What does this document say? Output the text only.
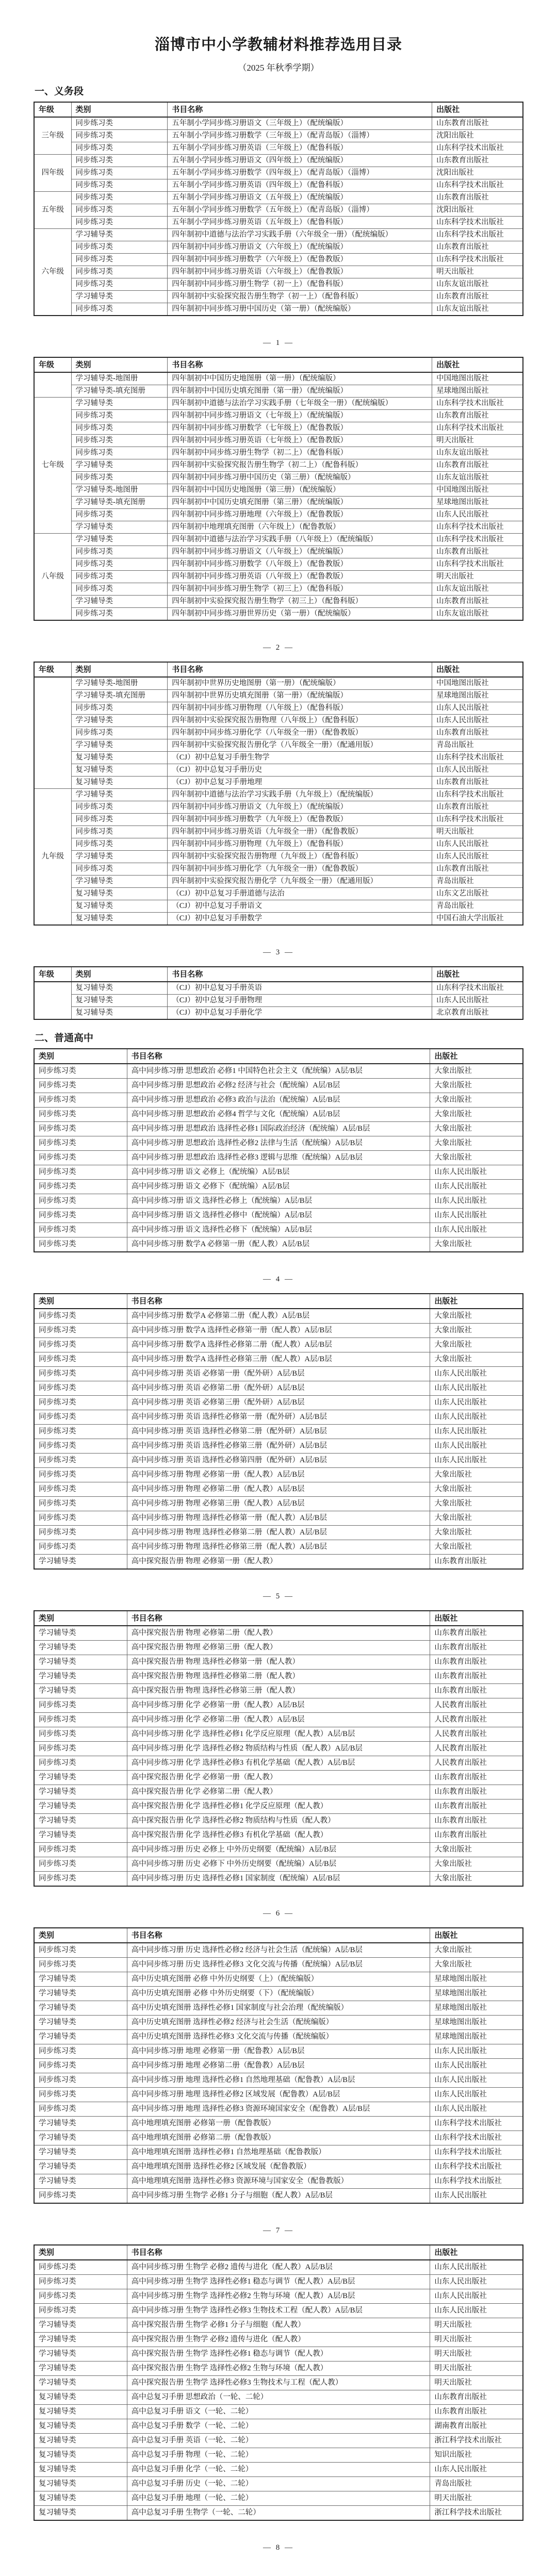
淄博市中小学教辅材料推荐选用目录
（2025 年秋季学期）
一、义务段
年级	类别	书目名称	出版社
三年级	同步练习类	五年制小学同步练习册语文（三年级上）（配统编版）	山东教育出版社
	同步练习类	五年制小学同步练习册数学（三年级上）（配青岛版）（淄博）	沈阳出版社
	同步练习类	五年制小学同步练习册英语（三年级上）（配鲁科版）	山东科学技术出版社
四年级	同步练习类	五年制小学同步练习册语文（四年级上）（配统编版）	山东教育出版社
	同步练习类	五年制小学同步练习册数学（四年级上）（配青岛版）（淄博）	沈阳出版社
	同步练习类	五年制小学同步练习册英语（四年级上）（配鲁科版）	山东科学技术出版社
五年级	同步练习类	五年制小学同步练习册语文（五年级上）（配统编版）	山东教育出版社
	同步练习类	五年制小学同步练习册数学（五年级上）（配青岛版）（淄博）	沈阳出版社
	同步练习类	五年制小学同步练习册英语（五年级上）（配鲁科版）	山东科学技术出版社
六年级	学习辅导类	四年制初中道德与法治学习实践手册（六年级全一册）（配统编版）	山东科学技术出版社
	同步练习类	四年制初中同步练习册语文（六年级上）（配统编版）	山东教育出版社
	同步练习类	四年制初中同步练习册数学（六年级上）（配鲁教版）	山东科学技术出版社
	同步练习类	四年制初中同步练习册英语（六年级上）（配鲁教版）	明天出版社
	同步练习类	四年制初中同步练习册生物学（初一上）（配鲁科版）	山东友谊出版社
	学习辅导类	四年制初中实验探究报告册生物学（初一上）（配鲁科版）	山东教育出版社
	同步练习类	四年制初中同步练习册中国历史（第一册）（配统编版）	山东友谊出版社
— 1 —
年级	类别	书目名称	出版社
	学习辅导类-地图册	四年制初中中国历史地图册（第一册）（配统编版）	中国地图出版社
	学习辅导类-填充图册	四年制初中中国历史填充图册（第一册）（配统编版）	星球地图出版社
七年级	学习辅导类	四年制初中道德与法治学习实践手册（七年级全一册）（配统编版）	山东科学技术出版社
	同步练习类	四年制初中同步练习册语文（七年级上）（配统编版）	山东教育出版社
	同步练习类	四年制初中同步练习册数学（七年级上）（配鲁教版）	山东科学技术出版社
	同步练习类	四年制初中同步练习册英语（七年级上）（配鲁教版）	明天出版社
	同步练习类	四年制初中同步练习册生物学（初二上）（配鲁科版）	山东友谊出版社
	学习辅导类	四年制初中实验探究报告册生物学（初二上）（配鲁科版）	山东教育出版社
	同步练习类	四年制初中同步练习册中国历史（第三册）（配统编版）	山东友谊出版社
	学习辅导类-地图册	四年制初中中国历史地图册（第三册）（配统编版）	中国地图出版社
	学习辅导类-填充图册	四年制初中中国历史填充图册（第三册）（配统编版）	星球地图出版社
	同步练习类	四年制初中同步练习册地理（六年级上）（配鲁教版）	山东人民出版社
	学习辅导类	四年制初中地理填充图册（六年级上）（配鲁教版）	山东科学技术出版社
八年级	学习辅导类	四年制初中道德与法治学习实践手册（八年级上）（配统编版）	山东科学技术出版社
	同步练习类	四年制初中同步练习册语文（八年级上）（配统编版）	山东教育出版社
	同步练习类	四年制初中同步练习册数学（八年级上）（配鲁教版）	山东科学技术出版社
	同步练习类	四年制初中同步练习册英语（八年级上）（配鲁教版）	明天出版社
	同步练习类	四年制初中同步练习册生物学（初三上）（配鲁科版）	山东友谊出版社
	学习辅导类	四年制初中实验探究报告册生物学（初三上）（配鲁科版）	山东教育出版社
	同步练习类	四年制初中同步练习册世界历史（第一册）（配统编版）	山东友谊出版社
— 2 —
年级	类别	书目名称	出版社
	学习辅导类-地图册	四年制初中世界历史地图册（第一册）（配统编版）	中国地图出版社
	学习辅导类-填充图册	四年制初中世界历史填充图册（第一册）（配统编版）	星球地图出版社
	同步练习类	四年制初中同步练习册物理（八年级上）（配鲁科版）	山东人民出版社
	学习辅导类	四年制初中实验探究报告册物理（八年级上）（配鲁科版）	山东人民出版社
	同步练习类	四年制初中同步练习册化学（八年级全一册）（配鲁教版）	山东教育出版社
	学习辅导类	四年制初中实验探究报告册化学（八年级全一册）（配通用版）	青岛出版社
	复习辅导类	（CJ）初中总复习手册生物学	山东科学技术出版社
	复习辅导类	（CJ）初中总复习手册历史	山东人民出版社
	复习辅导类	（CJ）初中总复习手册地理	山东教育出版社
九年级	学习辅导类	四年制初中道德与法治学习实践手册（九年级上）（配统编版）	山东科学技术出版社
	同步练习类	四年制初中同步练习册语文（九年级上）（配统编版）	山东教育出版社
	同步练习类	四年制初中同步练习册数学（九年级上）（配鲁教版）	山东科学技术出版社
	同步练习类	四年制初中同步练习册英语（九年级全一册）（配鲁教版）	明天出版社
	同步练习类	四年制初中同步练习册物理（九年级上）（配鲁科版）	山东人民出版社
	学习辅导类	四年制初中实验探究报告册物理（九年级上）（配鲁科版）	山东人民出版社
	同步练习类	四年制初中同步练习册化学（九年级全一册）（配鲁教版）	山东教育出版社
	学习辅导类	四年制初中实验探究报告册化学（九年级全一册）（配通用版）	青岛出版社
	复习辅导类	（CJ）初中总复习手册道德与法治	山东文艺出版社
	复习辅导类	（CJ）初中总复习手册语文	青岛出版社
	复习辅导类	（CJ）初中总复习手册数学	中国石油大学出版社
— 3 —
年级	类别	书目名称	出版社
	复习辅导类	（CJ）初中总复习手册英语	山东科学技术出版社
	复习辅导类	（CJ）初中总复习手册物理	山东人民出版社
	复习辅导类	（CJ）初中总复习手册化学	北京教育出版社
二、普通高中
类别	书目名称	出版社
同步练习类	高中同步练习册 思想政治 必修1 中国特色社会主义（配统编）A层/B层	大象出版社
同步练习类	高中同步练习册 思想政治 必修2 经济与社会（配统编）A层/B层	大象出版社
同步练习类	高中同步练习册 思想政治 必修3 政治与法治（配统编）A层/B层	大象出版社
同步练习类	高中同步练习册 思想政治 必修4 哲学与文化（配统编）A层/B层	大象出版社
同步练习类	高中同步练习册 思想政治 选择性必修1 国际政治经济（配统编）A层/B层	大象出版社
同步练习类	高中同步练习册 思想政治 选择性必修2 法律与生活（配统编）A层/B层	大象出版社
同步练习类	高中同步练习册 思想政治 选择性必修3 逻辑与思维（配统编）A层/B层	大象出版社
同步练习类	高中同步练习册 语文 必修上（配统编）A层/B层	山东人民出版社
同步练习类	高中同步练习册 语文 必修下（配统编）A层/B层	山东人民出版社
同步练习类	高中同步练习册 语文 选择性必修上（配统编）A层/B层	山东人民出版社
同步练习类	高中同步练习册 语文 选择性必修中（配统编）A层/B层	山东人民出版社
同步练习类	高中同步练习册 语文 选择性必修下（配统编）A层/B层	山东人民出版社
同步练习类	高中同步练习册 数学A 必修第一册（配人教）A层/B层	大象出版社
— 4 —
类别	书目名称	出版社
同步练习类	高中同步练习册 数学A 必修第二册（配人教）A层/B层	大象出版社
同步练习类	高中同步练习册 数学A 选择性必修第一册（配人教）A层/B层	大象出版社
同步练习类	高中同步练习册 数学A 选择性必修第二册（配人教）A层/B层	大象出版社
同步练习类	高中同步练习册 数学A 选择性必修第三册（配人教）A层/B层	大象出版社
同步练习类	高中同步练习册 英语 必修第一册（配外研）A层/B层	山东人民出版社
同步练习类	高中同步练习册 英语 必修第二册（配外研）A层/B层	山东人民出版社
同步练习类	高中同步练习册 英语 必修第三册（配外研）A层/B层	山东人民出版社
同步练习类	高中同步练习册 英语 选择性必修第一册（配外研）A层/B层	山东人民出版社
同步练习类	高中同步练习册 英语 选择性必修第二册（配外研）A层/B层	山东人民出版社
同步练习类	高中同步练习册 英语 选择性必修第三册（配外研）A层/B层	山东人民出版社
同步练习类	高中同步练习册 英语 选择性必修第四册（配外研）A层/B层	山东人民出版社
同步练习类	高中同步练习册 物理 必修第一册（配人教）A层/B层	大象出版社
同步练习类	高中同步练习册 物理 必修第二册（配人教）A层/B层	大象出版社
同步练习类	高中同步练习册 物理 必修第三册（配人教）A层/B层	大象出版社
同步练习类	高中同步练习册 物理 选择性必修第一册（配人教）A层/B层	大象出版社
同步练习类	高中同步练习册 物理 选择性必修第二册（配人教）A层/B层	大象出版社
同步练习类	高中同步练习册 物理 选择性必修第三册（配人教）A层/B层	大象出版社
学习辅导类	高中探究报告册 物理 必修第一册（配人教）	山东教育出版社
— 5 —
类别	书目名称	出版社
学习辅导类	高中探究报告册 物理 必修第二册（配人教）	山东教育出版社
学习辅导类	高中探究报告册 物理 必修第三册（配人教）	山东教育出版社
学习辅导类	高中探究报告册 物理 选择性必修第一册（配人教）	山东教育出版社
学习辅导类	高中探究报告册 物理 选择性必修第二册（配人教）	山东教育出版社
学习辅导类	高中探究报告册 物理 选择性必修第三册（配人教）	山东教育出版社
同步练习类	高中同步练习册 化学 必修第一册（配人教）A层/B层	人民教育出版社
同步练习类	高中同步练习册 化学 必修第二册（配人教）A层/B层	人民教育出版社
同步练习类	高中同步练习册 化学 选择性必修1 化学反应原理（配人教）A层/B层	人民教育出版社
同步练习类	高中同步练习册 化学 选择性必修2 物质结构与性质（配人教）A层/B层	人民教育出版社
同步练习类	高中同步练习册 化学 选择性必修3 有机化学基础（配人教）A层/B层	人民教育出版社
学习辅导类	高中探究报告册 化学 必修第一册（配人教）	山东教育出版社
学习辅导类	高中探究报告册 化学 必修第二册（配人教）	山东教育出版社
学习辅导类	高中探究报告册 化学 选择性必修1 化学反应原理（配人教）	山东教育出版社
学习辅导类	高中探究报告册 化学 选择性必修2 物质结构与性质（配人教）	山东教育出版社
学习辅导类	高中探究报告册 化学 选择性必修3 有机化学基础（配人教）	山东教育出版社
同步练习类	高中同步练习册 历史 必修上 中外历史纲要（配统编）A层/B层	大象出版社
同步练习类	高中同步练习册 历史 必修下 中外历史纲要（配统编）A层/B层	大象出版社
同步练习类	高中同步练习册 历史 选择性必修1 国家制度（配统编）A层/B层	大象出版社
— 6 —
类别	书目名称	出版社
同步练习类	高中同步练习册 历史 选择性必修2 经济与社会生活（配统编）A层/B层	大象出版社
同步练习类	高中同步练习册 历史 选择性必修3 文化交流与传播（配统编）A层/B层	大象出版社
学习辅导类	高中历史填充图册 必修 中外历史纲要（上）（配统编版）	星球地图出版社
学习辅导类	高中历史填充图册 必修 中外历史纲要（下）（配统编版）	星球地图出版社
学习辅导类	高中历史填充图册 选择性必修1 国家制度与社会治理（配统编版）	星球地图出版社
学习辅导类	高中历史填充图册 选择性必修2 经济与社会生活（配统编版）	星球地图出版社
学习辅导类	高中历史填充图册 选择性必修3 文化交流与传播（配统编版）	星球地图出版社
同步练习类	高中同步练习册 地理 必修第一册（配鲁教）A层/B层	山东人民出版社
同步练习类	高中同步练习册 地理 必修第二册（配鲁教）A层/B层	山东人民出版社
同步练习类	高中同步练习册 地理 选择性必修1 自然地理基础（配鲁教）A层/B层	山东人民出版社
同步练习类	高中同步练习册 地理 选择性必修2 区域发展（配鲁教）A层/B层	山东人民出版社
同步练习类	高中同步练习册 地理 选择性必修3 资源环境国家安全（配鲁教）A层/B层	山东人民出版社
学习辅导类	高中地理填充图册 必修第一册（配鲁教版）	山东科学技术出版社
学习辅导类	高中地理填充图册 必修第二册（配鲁教版）	山东科学技术出版社
学习辅导类	高中地理填充图册 选择性必修1 自然地理基础（配鲁教版）	山东科学技术出版社
学习辅导类	高中地理填充图册 选择性必修2 区域发展（配鲁教版）	山东科学技术出版社
学习辅导类	高中地理填充图册 选择性必修3 资源环境与国家安全（配鲁教版）	山东科学技术出版社
同步练习类	高中同步练习册 生物学 必修1 分子与细胞（配人教）A层/B层	山东人民出版社
— 7 —
类别	书目名称	出版社
同步练习类	高中同步练习册 生物学 必修2 遗传与进化（配人教）A层/B层	山东人民出版社
同步练习类	高中同步练习册 生物学 选择性必修1 稳态与调节（配人教）A层/B层	山东人民出版社
同步练习类	高中同步练习册 生物学 选择性必修2 生物与环境（配人教）A层/B层	山东人民出版社
同步练习类	高中同步练习册 生物学 选择性必修3 生物技术工程（配人教）A层/B层	山东人民出版社
学习辅导类	高中探究报告册 生物学 必修1 分子与细胞（配人教）	明天出版社
学习辅导类	高中探究报告册 生物学 必修2 遗传与进化（配人教）	明天出版社
学习辅导类	高中探究报告册 生物学 选择性必修1 稳态与调节（配人教）	明天出版社
学习辅导类	高中探究报告册 生物学 选择性必修2 生物与环境（配人教）	明天出版社
学习辅导类	高中探究报告册 生物学 选择性必修3 生物技术与工程（配人教）	明天出版社
复习辅导类	高中总复习手册 思想政治（一轮、二轮）	山东教育出版社
复习辅导类	高中总复习手册 语文（一轮、二轮）	山东教育出版社
复习辅导类	高中总复习手册 数学（一轮、二轮）	湖南教育出版社
复习辅导类	高中总复习手册 英语（一轮、二轮）	浙江科学技术出版社
复习辅导类	高中总复习手册 物理（一轮、二轮）	知识出版社
复习辅导类	高中总复习手册 化学（一轮、二轮）	山东人民出版社
复习辅导类	高中总复习手册 历史（一轮、二轮）	青岛出版社
复习辅导类	高中总复习手册 地理（一轮、二轮）	明天出版社
复习辅导类	高中总复习手册 生物学（一轮、二轮）	浙江科学技术出版社
— 8 —
